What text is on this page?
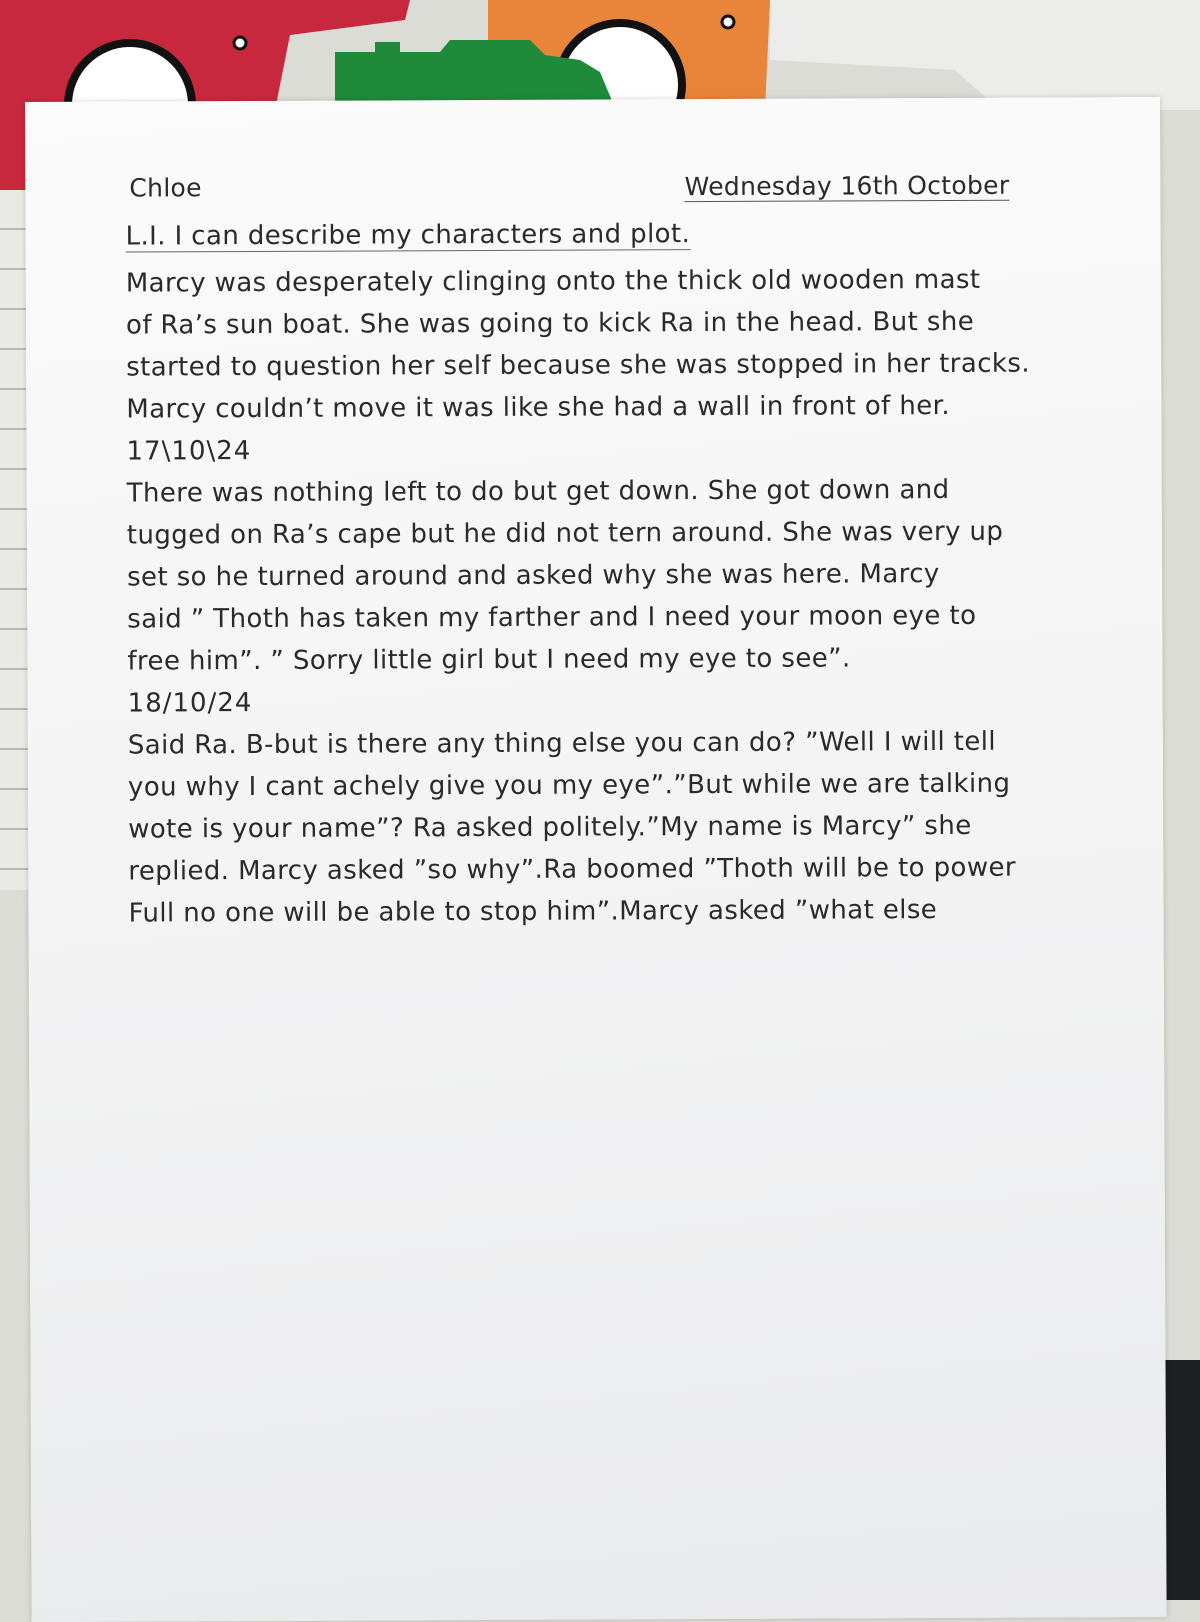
Chloe	Wednesday 16th October
L.I. I can describe my characters and plot.

Marcy was desperately clinging onto the thick old wooden mast

of Ra’s sun boat. She was going to kick Ra in the head. But she

started to question her self because she was stopped in her tracks.

Marcy couldn’t move it was like she had a wall in front of her.

17\10\24

There was nothing left to do but get down. She got down and

tugged on Ra’s cape but he did not tern around. She was very up

set so he turned around and asked why she was here. Marcy

said ” Thoth has taken my farther and I need your moon eye to

free him”. ” Sorry little girl but I need my eye to see”.

18/10/24

Said Ra. B-but is there any thing else you can do? ”Well I will tell

you why I cant achely give you my eye”.”But while we are talking

wote is your name”? Ra asked politely.”My name is Marcy” she

replied. Marcy asked ”so why”.Ra boomed ”Thoth will be to power

Full no one will be able to stop him”.Marcy asked ”what else
